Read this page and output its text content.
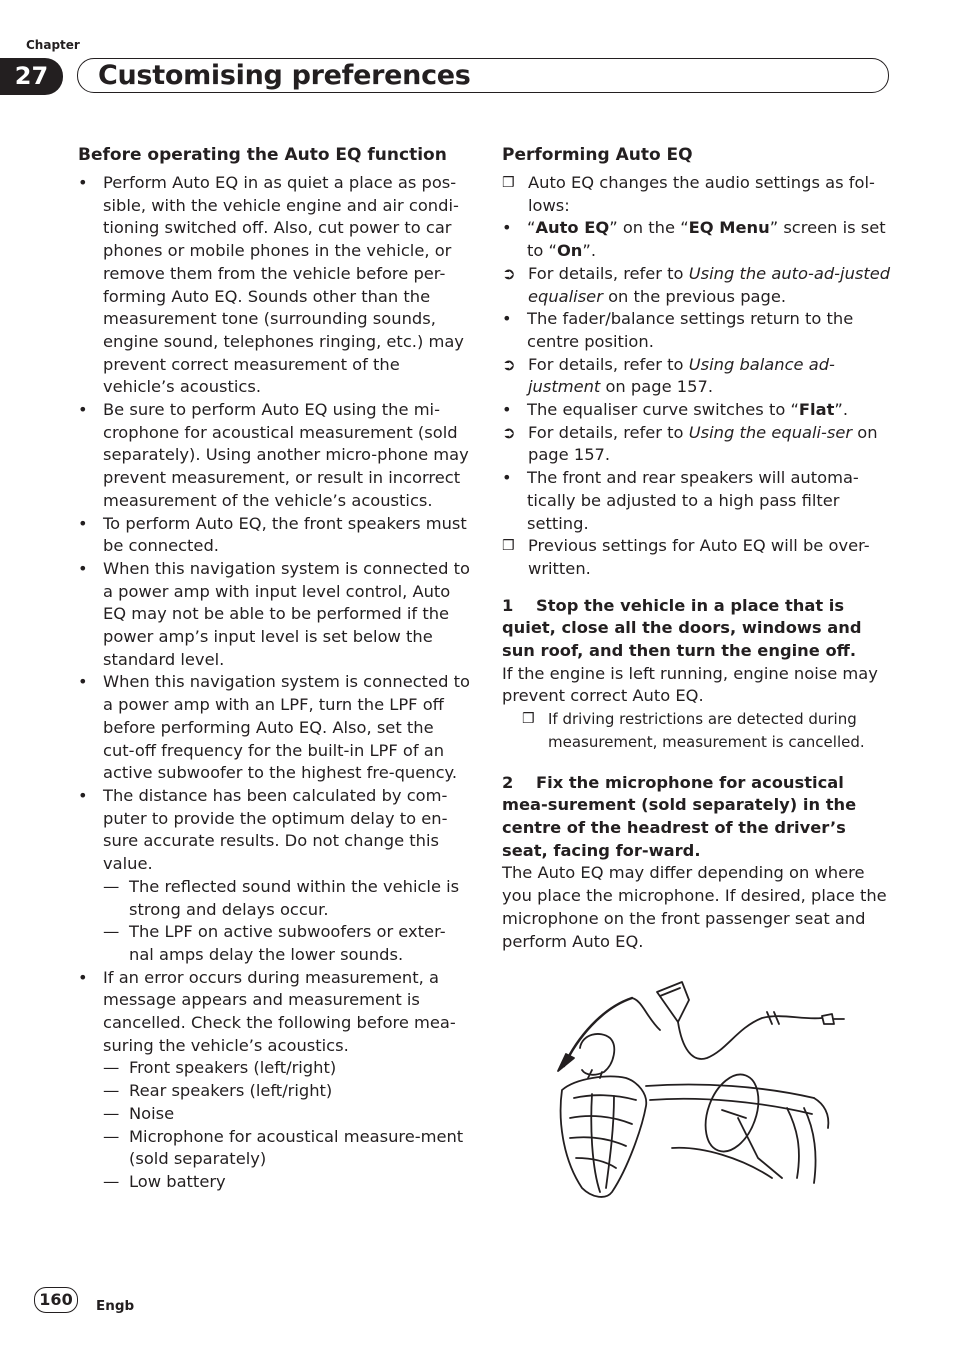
Chapter
27	Customising preferences
Before operating the Auto EQ function

• Perform Auto EQ in as quiet a place as pos-sible, with the vehicle engine and air condi-tioning switched off. Also, cut power to car phones or mobile phones in the vehicle, or remove them from the vehicle before per-forming Auto EQ. Sounds other than the measurement tone (surrounding sounds, engine sound, telephones ringing, etc.) may prevent correct measurement of the vehicle’s acoustics.

• Be sure to perform Auto EQ using the mi-crophone for acoustical measurement (sold separately). Using another micro-phone may prevent measurement, or result in incorrect measurement of the vehicle’s acoustics.

• To perform Auto EQ, the front speakers must be connected.

• When this navigation system is connected to a power amp with input level control, Auto EQ may not be able to be performed if the power amp’s input level is set below the standard level.

• When this navigation system is connected to a power amp with an LPF, turn the LPF off before performing Auto EQ. Also, set the cut-off frequency for the built-in LPF of an active subwoofer to the highest fre-quency.

• The distance has been calculated by com-puter to provide the optimum delay to en-sure accurate results. Do not change this value.

— The reflected sound within the vehicle is strong and delays occur.

— The LPF on active subwoofers or exter-nal amps delay the lower sounds.

• If an error occurs during measurement, a message appears and measurement is cancelled. Check the following before mea-suring the vehicle’s acoustics.

— Front speakers (left/right)

— Rear speakers (left/right)

— Noise

— Microphone for acoustical measure-ment (sold separately)

— Low battery

Performing Auto EQ

❒ Auto EQ changes the audio settings as fol-lows:

• “Auto EQ” on the “EQ Menu” screen is set to “On”.

➲ For details, refer to Using the auto-ad-justed equaliser on the previous page.

• The fader/balance settings return to the centre position.

➲ For details, refer to Using balance ad-justment on page 157.

• The equaliser curve switches to “Flat”.

➲ For details, refer to Using the equali-ser on page 157.

• The front and rear speakers will automa-tically be adjusted to a high pass filter setting.

❒ Previous settings for Auto EQ will be over-written.

1 Stop the vehicle in a place that is quiet, close all the doors, windows and sun roof, and then turn the engine off.

If the engine is left running, engine noise may prevent correct Auto EQ.

❒ If driving restrictions are detected during measurement, measurement is cancelled.

2 Fix the microphone for acoustical mea-surement (sold separately) in the centre of the headrest of the driver’s seat, facing for-ward.

The Auto EQ may differ depending on where you place the microphone. If desired, place the microphone on the front passenger seat and perform Auto EQ.

160	Engb
